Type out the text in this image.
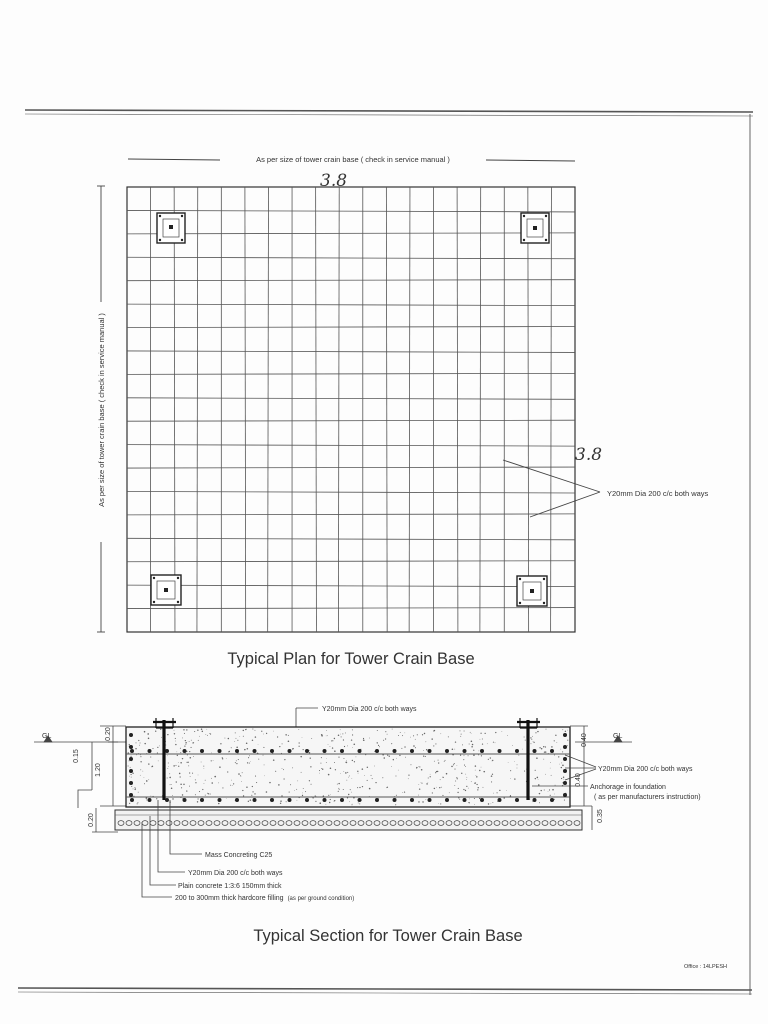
As per size of tower crain base ( check in service manual )
3.8
As per size of tower crain base ( check in service manual )	Y20mm Dia 200 c/c both ways
3.8
Typical Plan for Tower Crain Base
Y20mm Dia 200 c/c both ways
GL	GL
0.20
0.15
1.20
0.20
0.40
0.40
0.35
Y20mm Dia 200 c/c both ways
Anchorage in foundation
( as per manufacturers instruction)
Mass Concreting C25
Y20mm Dia 200 c/c both ways
Plain concrete 1:3:6 150mm thick
200 to 300mm thick hardcore filling (as per ground condition)
Typical Section for Tower Crain Base
Office : 14LPESH
